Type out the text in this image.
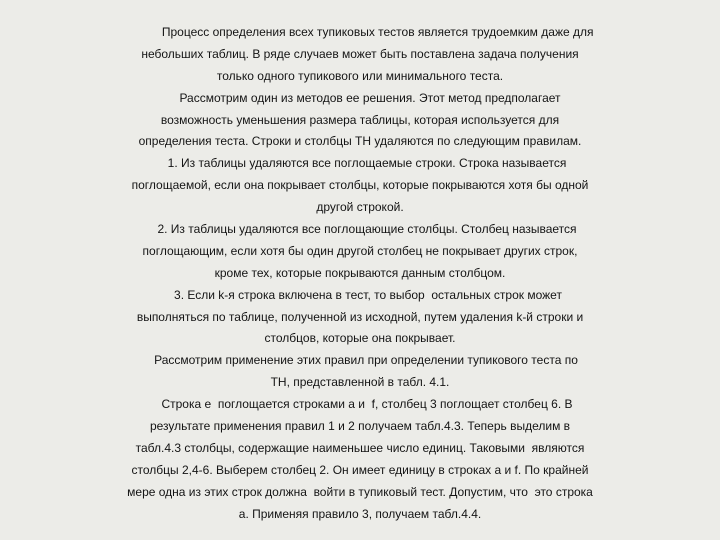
Процесс определения всех тупиковых тестов является трудоемким даже для
небольших таблиц. В ряде случаев может быть поставлена задача получения
только одного тупикового или минимального теста.
Рассмотрим один из методов ее решения. Этот метод предполагает
возможность уменьшения размера таблицы, которая используется для
определения теста. Строки и столбцы ТН удаляются по следующим правилам.
1. Из таблицы удаляются все поглощаемые строки. Строка называется
поглощаемой, если она покрывает столбцы, которые покрываются хотя бы одной
другой строкой.
2. Из таблицы удаляются все поглощающие столбцы. Столбец называется
поглощающим, если хотя бы один другой столбец не покрывает других строк,
кроме тех, которые покрываются данным столбцом.
3. Если k-я строка включена в тест, то выбор  остальных строк может
выполняться по таблице, полученной из исходной, путем удаления k-й строки и
столбцов, которые она покрывает.
Рассмотрим применение этих правил при определении тупикового теста по
ТН, представленной в табл. 4.1.
Строка е  поглощается строками а и  f, столбец 3 поглощает столбец 6. В
результате применения правил 1 и 2 получаем табл.4.3. Теперь выделим в
табл.4.3 столбцы, содержащие наименьшее число единиц. Таковыми  являются
столбцы 2,4-6. Выберем столбец 2. Он имеет единицу в строках а и f. По крайней
мере одна из этих строк должна  войти в тупиковый тест. Допустим, что  это строка
а. Применяя правило 3, получаем табл.4.4.
